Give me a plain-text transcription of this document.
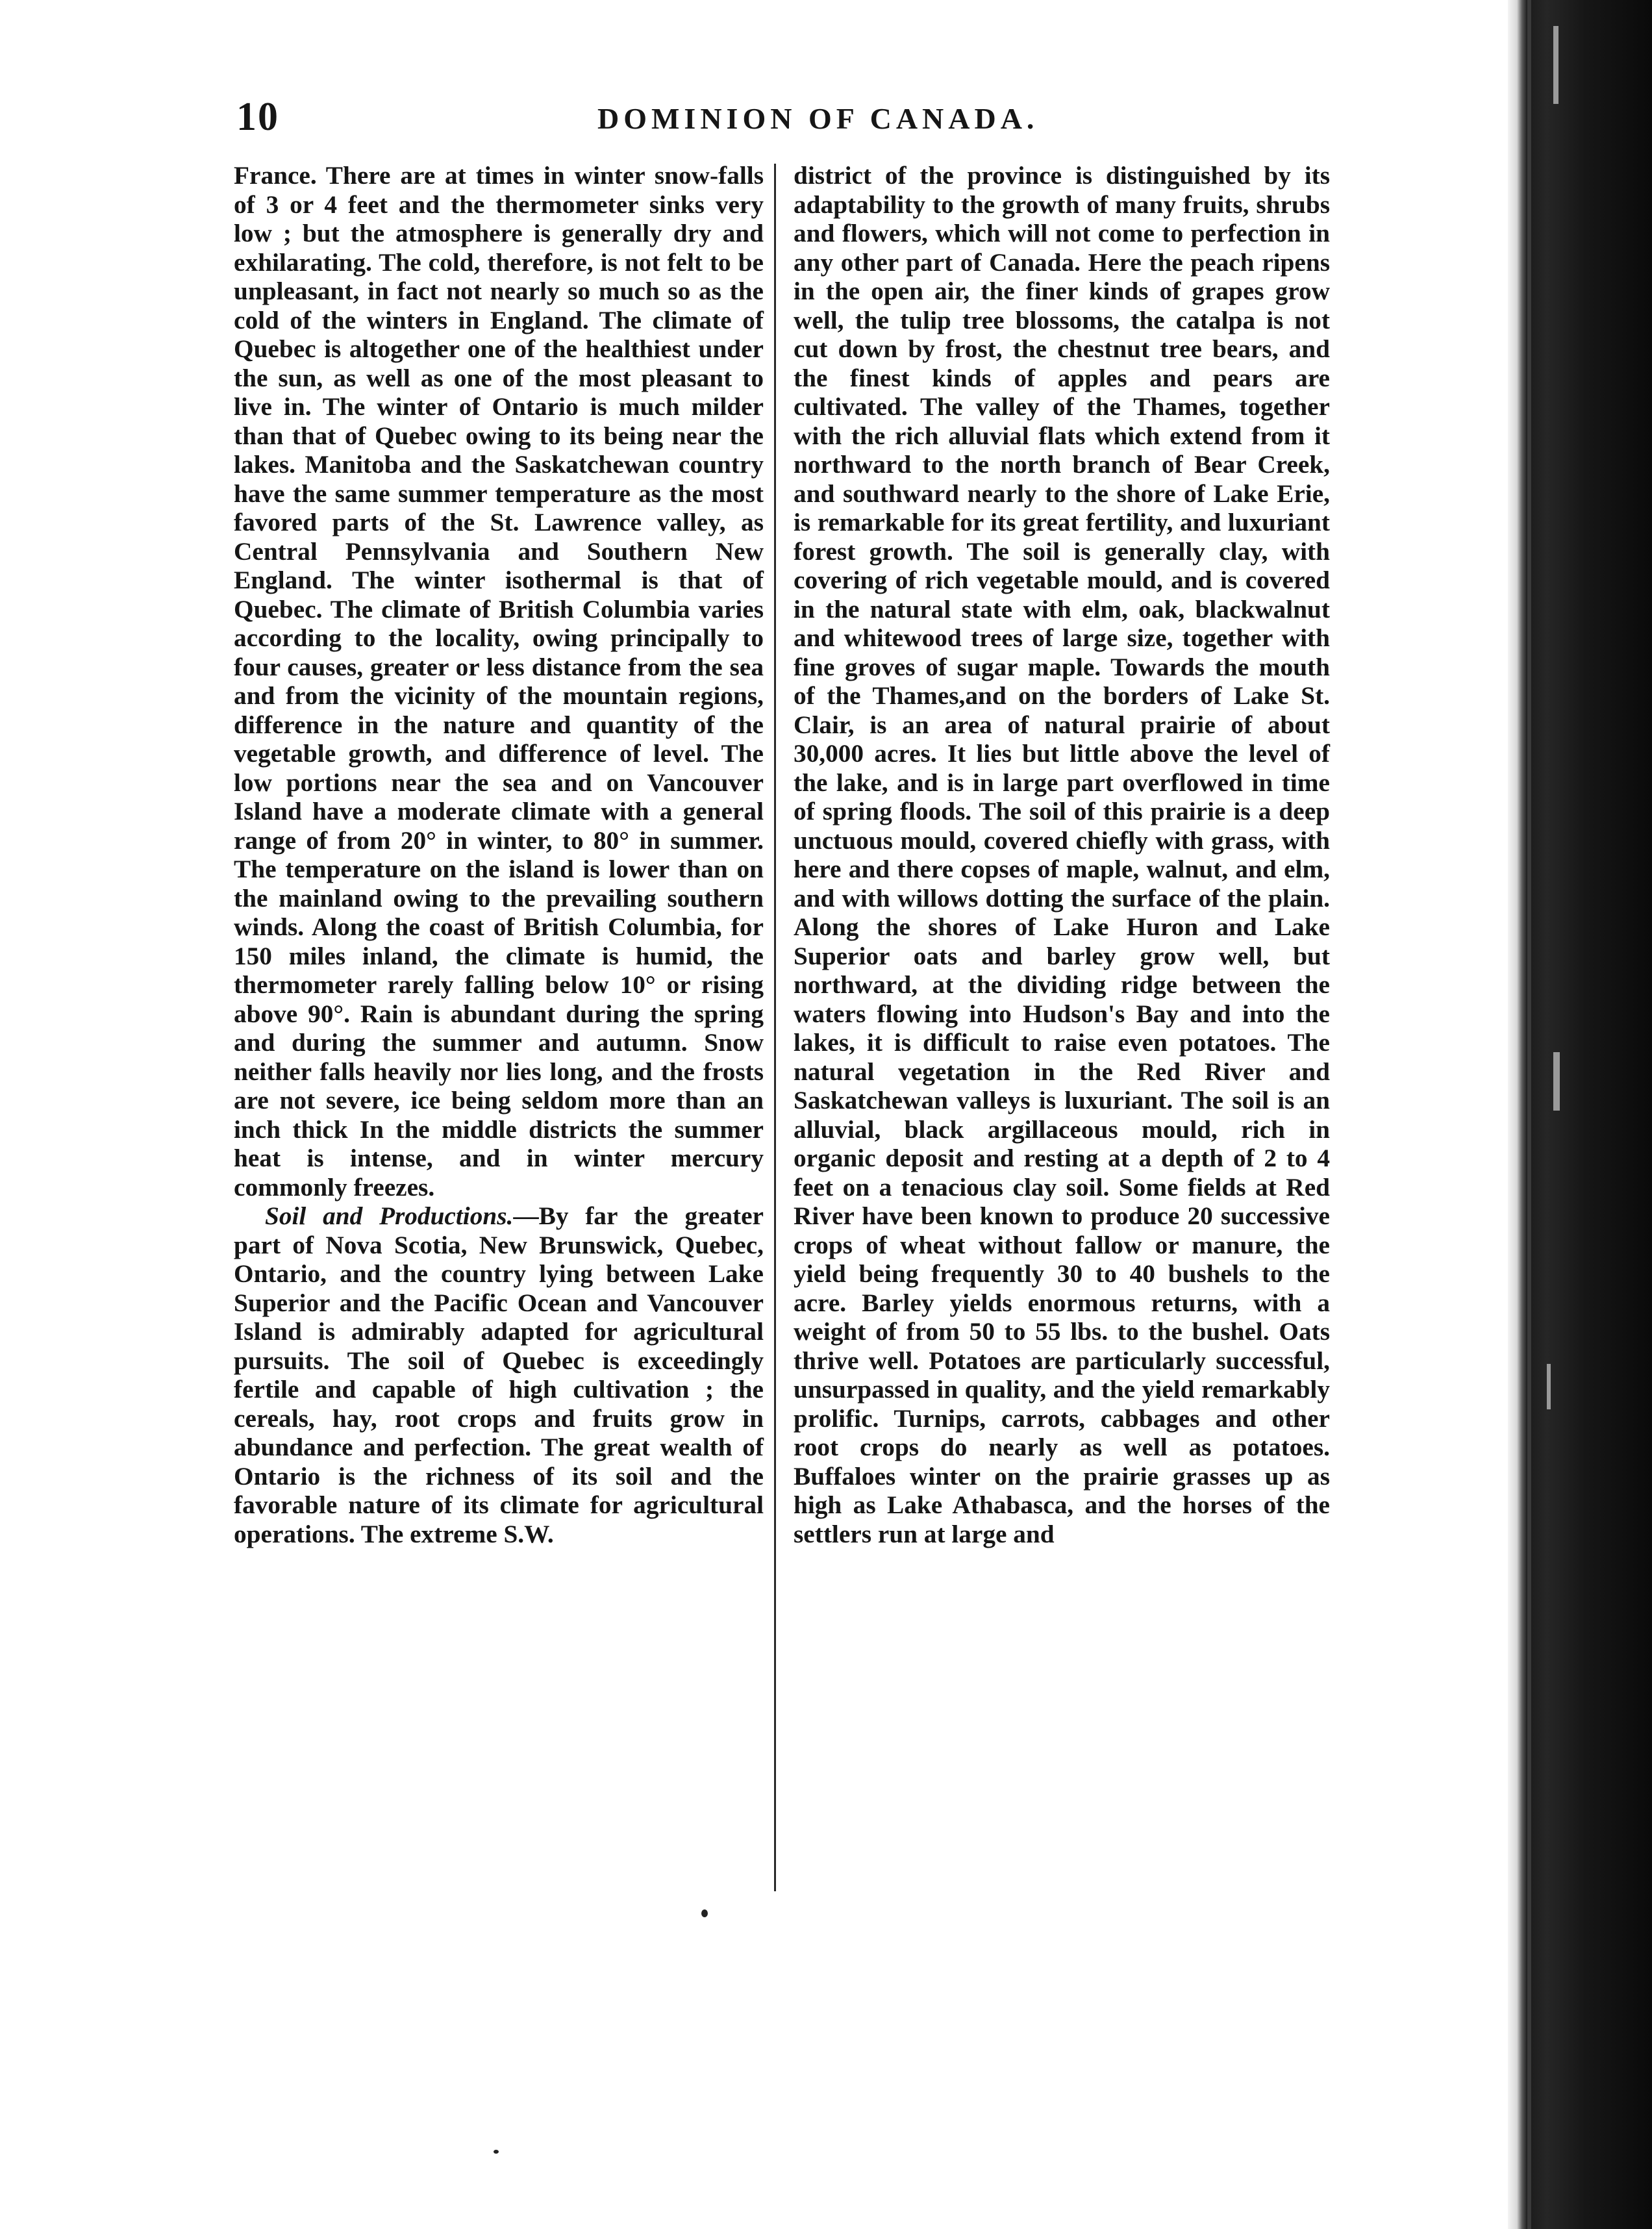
10	DOMINION OF CANADA.

France. There are at times in winter snow-falls of 3 or 4 feet and the thermometer sinks very low ; but the atmosphere is generally dry and exhilarating. The cold, therefore, is not felt to be unpleasant, in fact not nearly so much so as the cold of the winters in England. The climate of Quebec is altogether one of the healthiest under the sun, as well as one of the most pleasant to live in. The winter of Ontario is much milder than that of Quebec owing to its being near the lakes. Manitoba and the Saskatchewan country have the same summer temperature as the most favored parts of the St. Lawrence valley, as Central Pennsylvania and Southern New England. The winter isothermal is that of Quebec. The climate of British Columbia varies according to the locality, owing principally to four causes, greater or less distance from the sea and from the vicinity of the mountain regions, difference in the nature and quantity of the vegetable growth, and difference of level. The low portions near the sea and on Vancouver Island have a moderate climate with a general range of from 20° in winter, to 80° in summer. The temperature on the island is lower than on the mainland owing to the prevailing southern winds. Along the coast of British Columbia, for 150 miles inland, the climate is humid, the thermometer rarely falling below 10° or rising above 90°. Rain is abundant during the spring and during the summer and autumn. Snow neither falls heavily nor lies long, and the frosts are not severe, ice being seldom more than an inch thick In the middle districts the summer heat is intense, and in winter mercury commonly freezes.

Soil and Productions.—By far the greater part of Nova Scotia, New Brunswick, Quebec, Ontario, and the country lying between Lake Superior and the Pacific Ocean and Vancouver Island is admirably adapted for agricultural pursuits. The soil of Quebec is exceedingly fertile and capable of high cultivation ; the cereals, hay, root crops and fruits grow in abundance and perfection. The great wealth of Ontario is the richness of its soil and the favorable nature of its climate for agricultural operations. The extreme S.W.

district of the province is distinguished by its adaptability to the growth of many fruits, shrubs and flowers, which will not come to perfection in any other part of Canada. Here the peach ripens in the open air, the finer kinds of grapes grow well, the tulip tree blossoms, the catalpa is not cut down by frost, the chestnut tree bears, and the finest kinds of apples and pears are cultivated. The valley of the Thames, together with the rich alluvial flats which extend from it northward to the north branch of Bear Creek, and southward nearly to the shore of Lake Erie, is remarkable for its great fertility, and luxuriant forest growth. The soil is generally clay, with covering of rich vegetable mould, and is covered in the natural state with elm, oak, blackwalnut and whitewood trees of large size, together with fine groves of sugar maple. Towards the mouth of the Thames,and on the borders of Lake St. Clair, is an area of natural prairie of about 30,000 acres. It lies but little above the level of the lake, and is in large part overflowed in time of spring floods. The soil of this prairie is a deep unctuous mould, covered chiefly with grass, with here and there copses of maple, walnut, and elm, and with willows dotting the surface of the plain. Along the shores of Lake Huron and Lake Superior oats and barley grow well, but northward, at the dividing ridge between the waters flowing into Hudson's Bay and into the lakes, it is difficult to raise even potatoes. The natural vegetation in the Red River and Saskatchewan valleys is luxuriant. The soil is an alluvial, black argillaceous mould, rich in organic deposit and resting at a depth of 2 to 4 feet on a tenacious clay soil. Some fields at Red River have been known to produce 20 successive crops of wheat without fallow or manure, the yield being frequently 30 to 40 bushels to the acre. Barley yields enormous returns, with a weight of from 50 to 55 lbs. to the bushel. Oats thrive well. Potatoes are particularly successful, unsurpassed in quality, and the yield remarkably prolific. Turnips, carrots, cabbages and other root crops do nearly as well as potatoes. Buffaloes winter on the prairie grasses up as high as Lake Athabasca, and the horses of the settlers run at large and
